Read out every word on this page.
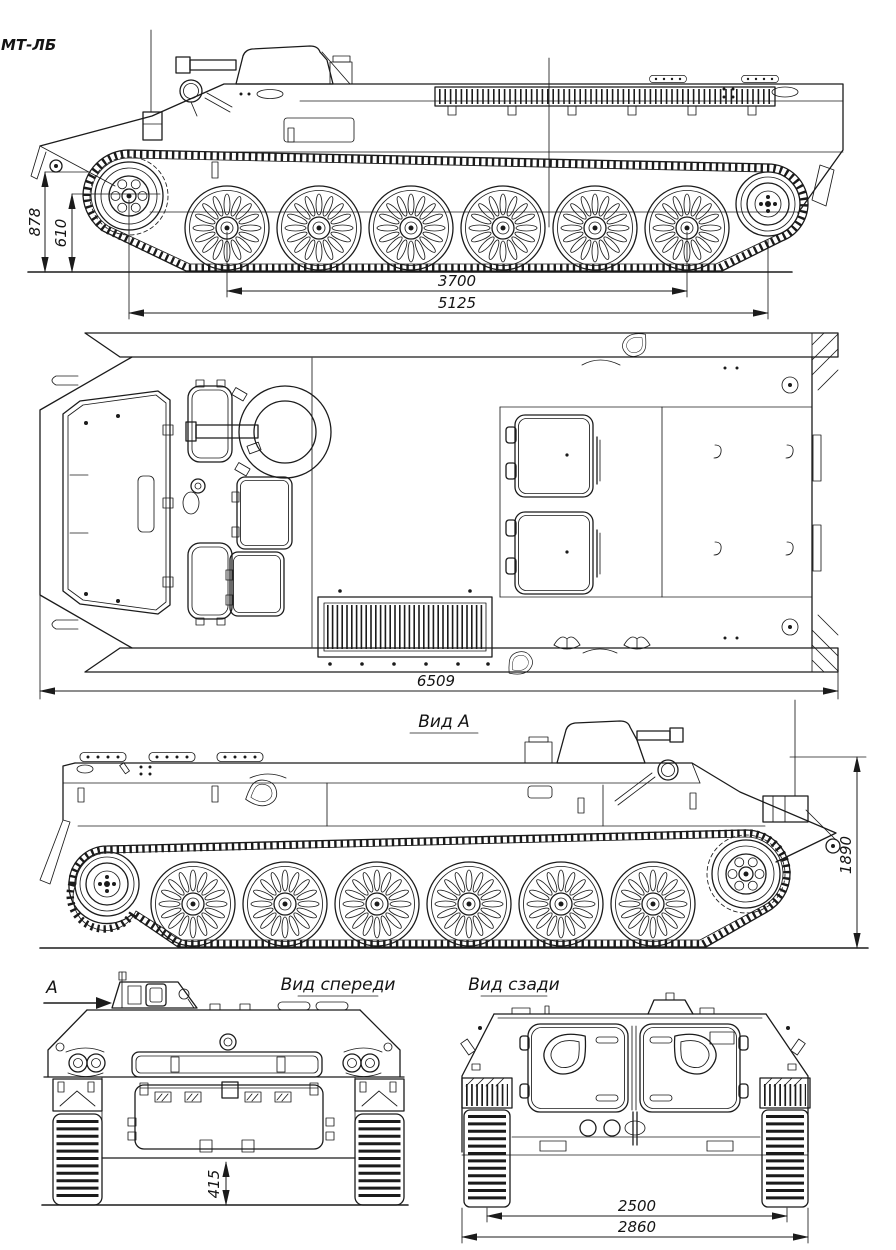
МТ-ЛБ
878 610
3700
5125
6509
Вид А
1890
А	Вид спереди
415
Вид сзади
2500
2860
